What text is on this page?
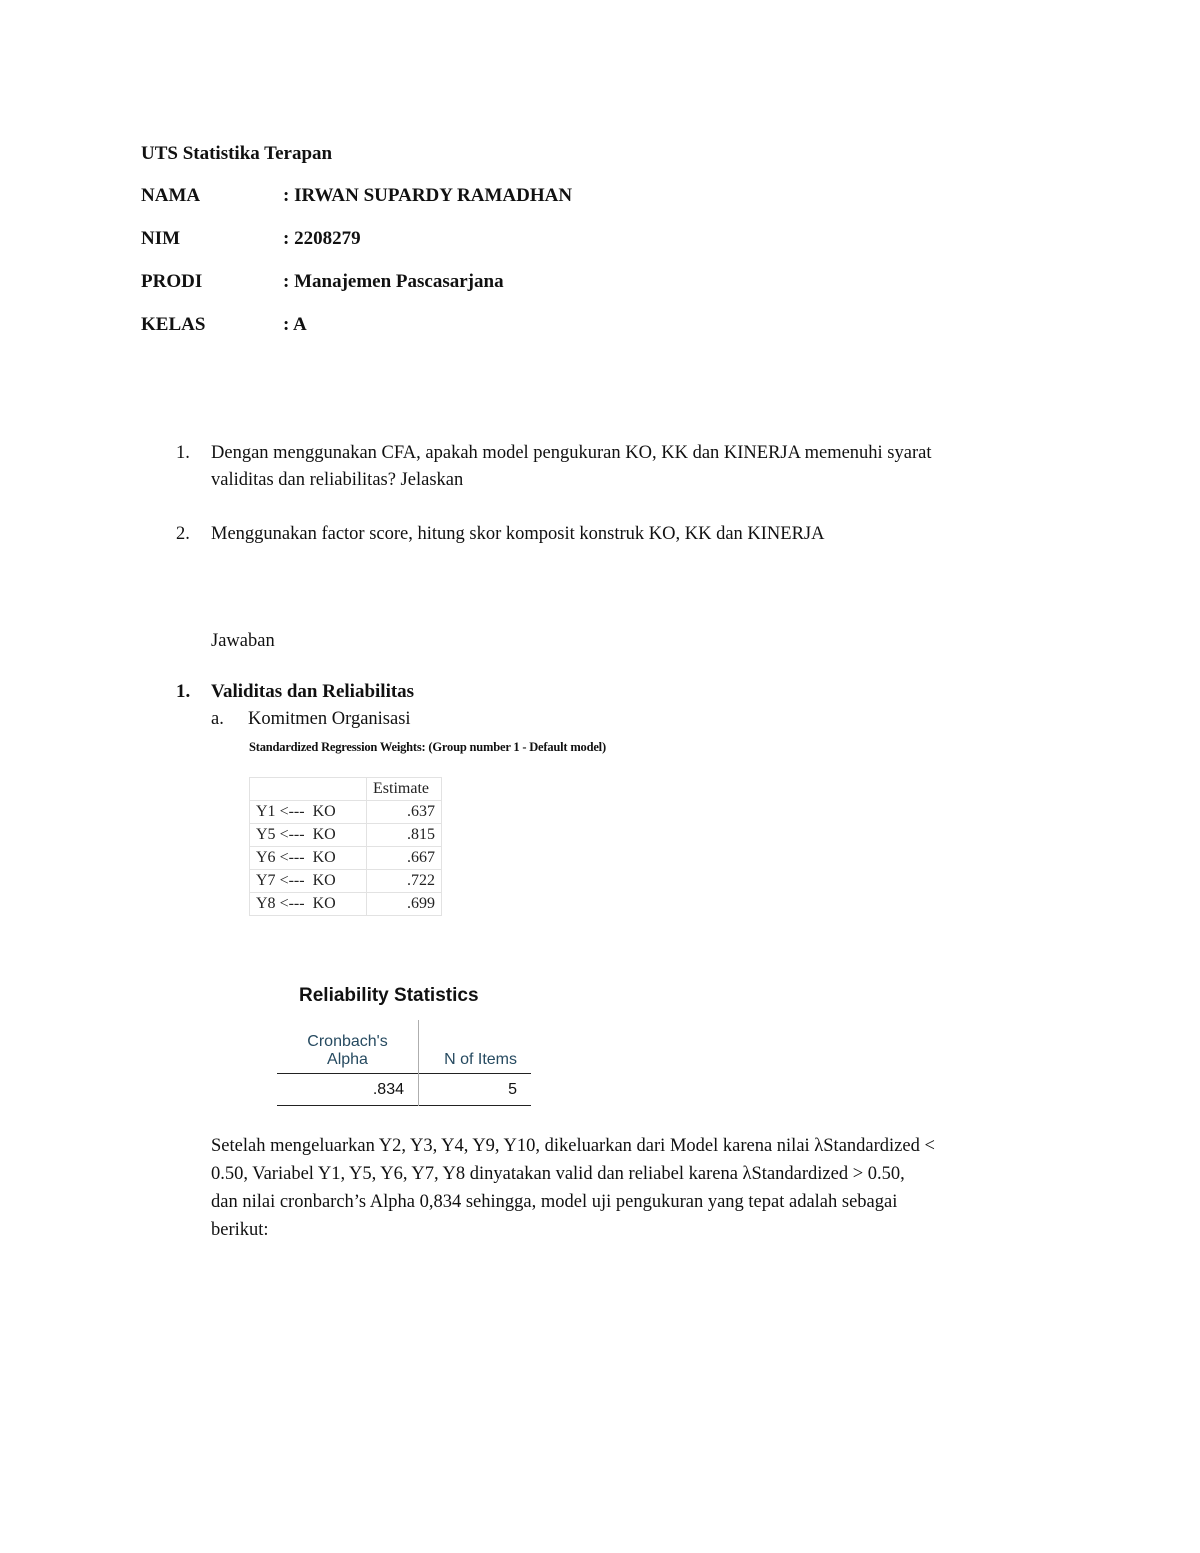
UTS Statistika Terapan
NAMA	: IRWAN SUPARDY RAMADHAN
NIM	: 2208279
PRODI	: Manajemen Pascasarjana
KELAS	: A
1. Dengan menggunakan CFA, apakah model pengukuran KO, KK dan KINERJA memenuhi syarat
validitas dan reliabilitas? Jelaskan
2. Menggunakan factor score, hitung skor komposit konstruk KO, KK dan KINERJA
Jawaban
1. Validitas dan Reliabilitas
a. Komitmen Organisasi
Standardized Regression Weights: (Group number 1 - Default model)
	Estimate
Y1 <--- KO	.637
Y5 <--- KO	.815
Y6 <--- KO	.667
Y7 <--- KO	.722
Y8 <--- KO	.699
Reliability Statistics
Cronbach's
Alpha	N of Items
.834	5
Setelah mengeluarkan Y2, Y3, Y4, Y9, Y10, dikeluarkan dari Model karena nilai λStandardized <
0.50, Variabel Y1, Y5, Y6, Y7, Y8 dinyatakan valid dan reliabel karena λStandardized > 0.50,
dan nilai cronbarch’s Alpha 0,834 sehingga, model uji pengukuran yang tepat adalah sebagai
berikut:
